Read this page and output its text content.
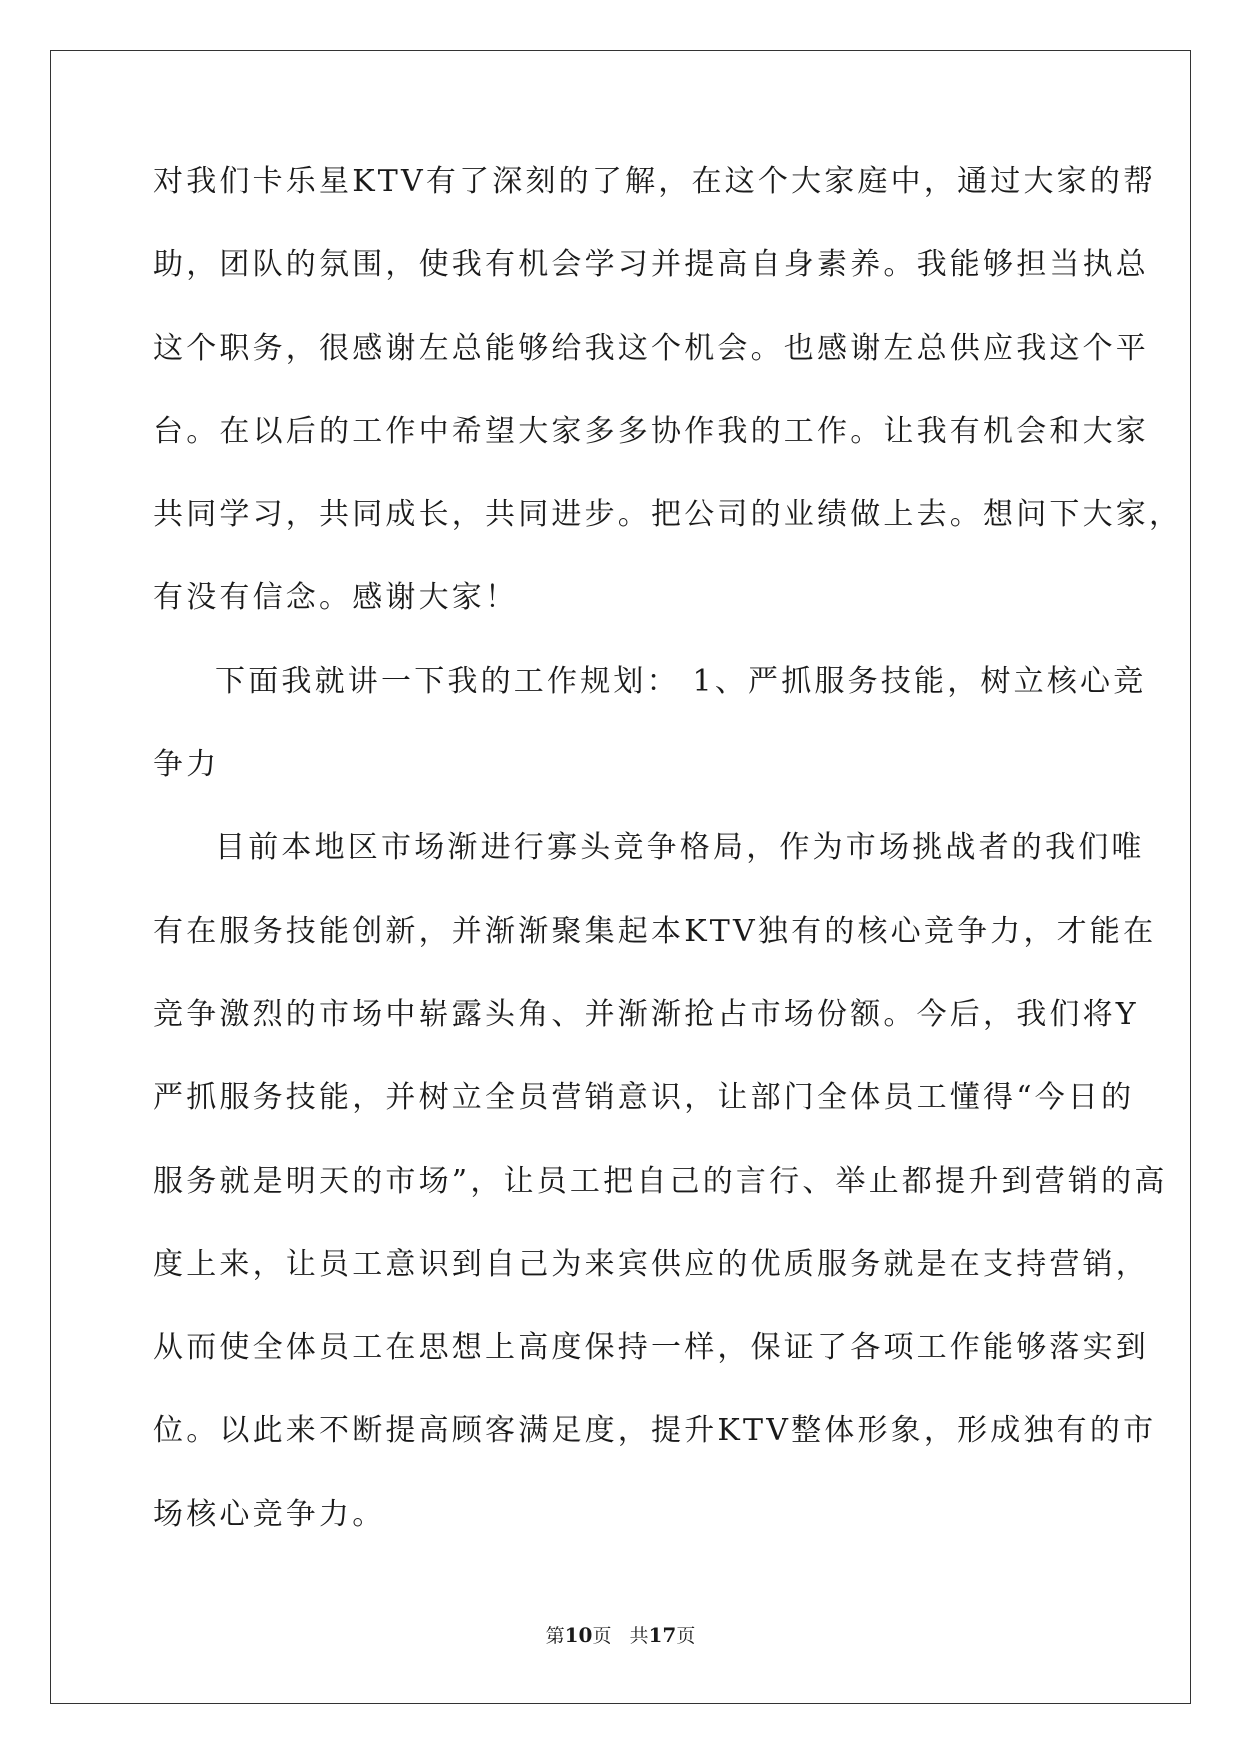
对我们卡乐星KTV有了深刻的了解，在这个大家庭中，通过大家的帮
助，团队的氛围，使我有机会学习并提高自身素养。我能够担当执总
这个职务，很感谢左总能够给我这个机会。也感谢左总供应我这个平
台。在以后的工作中希望大家多多协作我的工作。让我有机会和大家
共同学习，共同成长，共同进步。把公司的业绩做上去。想问下大家，
有没有信念。感谢大家！
下面我就讲一下我的工作规划： 1、严抓服务技能，树立核心竞
争力
目前本地区市场渐进行寡头竞争格局，作为市场挑战者的我们唯
有在服务技能创新，并渐渐聚集起本KTV独有的核心竞争力，才能在
竞争激烈的市场中崭露头角、并渐渐抢占市场份额。今后，我们将Y
严抓服务技能，并树立全员营销意识，让部门全体员工懂得“今日的
服务就是明天的市场”，让员工把自己的言行、举止都提升到营销的高
度上来，让员工意识到自己为来宾供应的优质服务就是在支持营销，
从而使全体员工在思想上高度保持一样，保证了各项工作能够落实到
位。以此来不断提高顾客满足度，提升KTV整体形象，形成独有的市
场核心竞争力。
第10页 共17页
